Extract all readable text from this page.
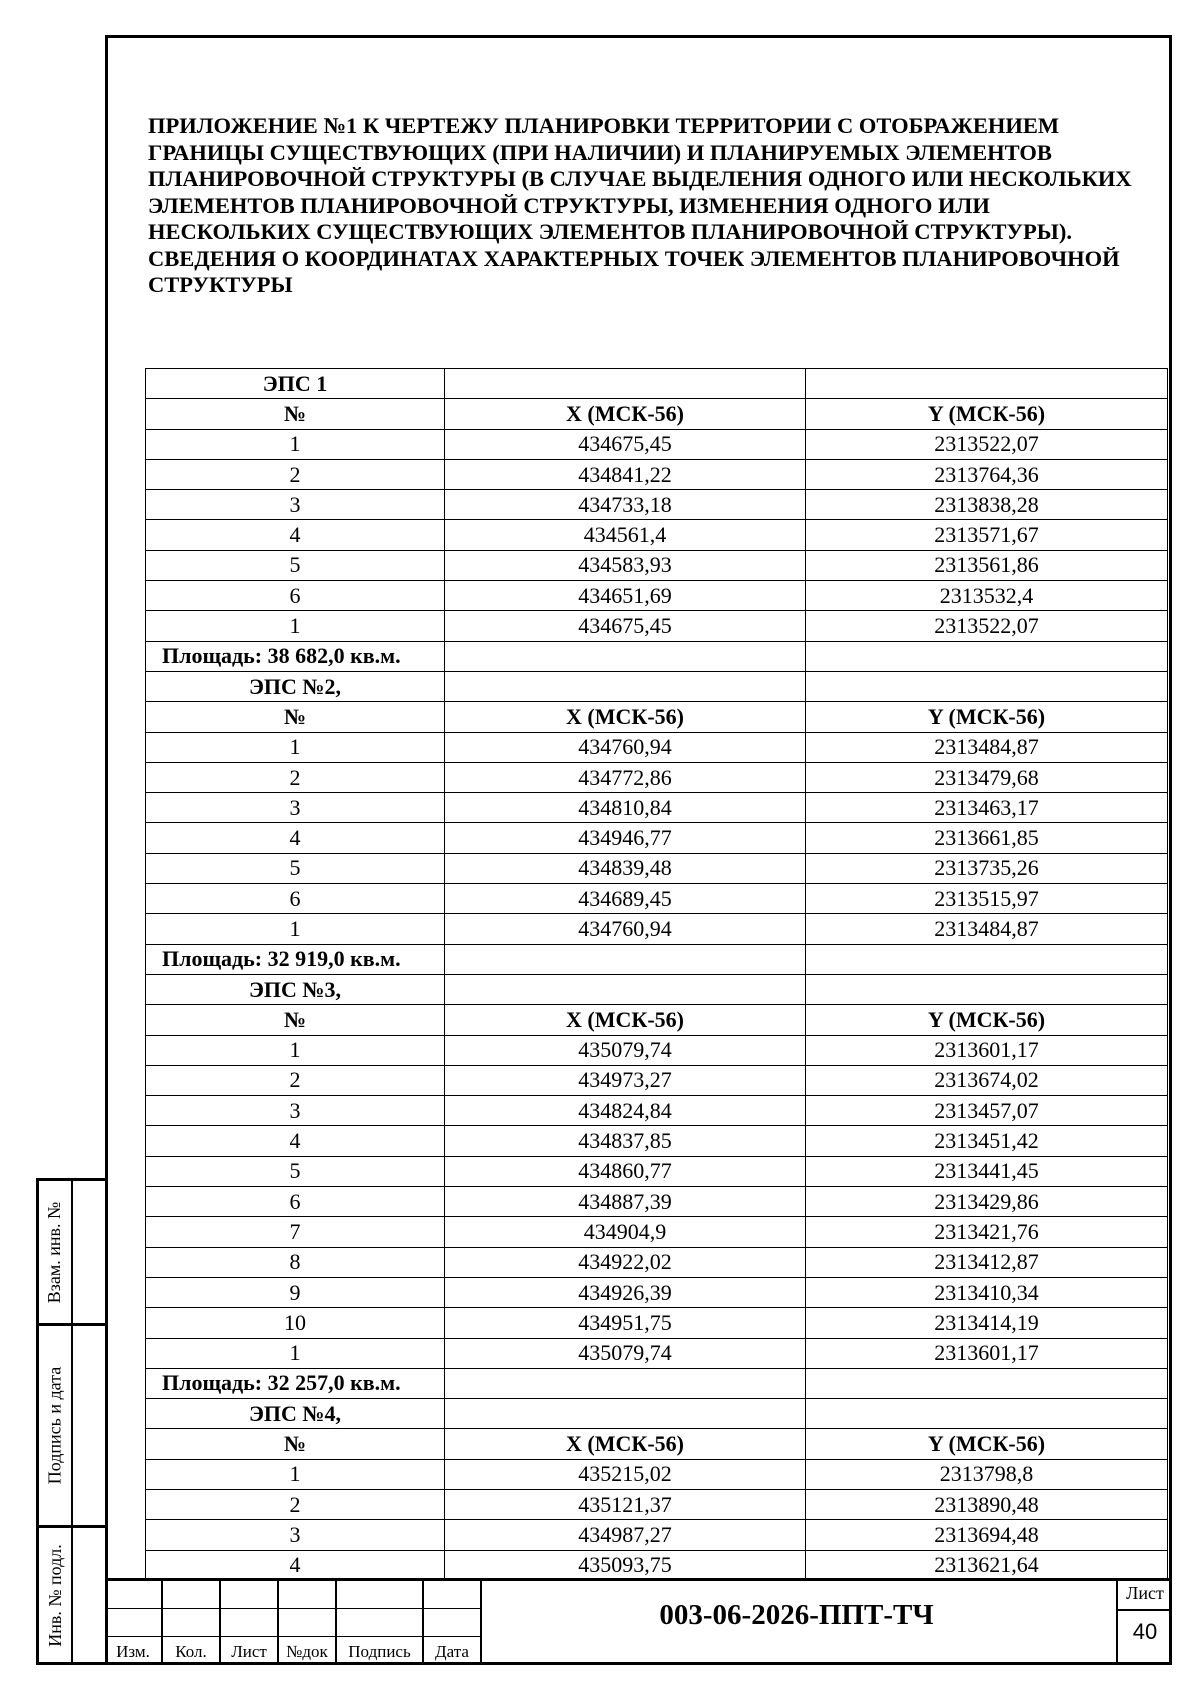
ПРИЛОЖЕНИЕ №1 К ЧЕРТЕЖУ ПЛАНИРОВКИ ТЕРРИТОРИИ С ОТОБРАЖЕНИЕМ ГРАНИЦЫ СУЩЕСТВУЮЩИХ (ПРИ НАЛИЧИИ) И ПЛАНИРУЕМЫХ ЭЛЕМЕНТОВ ПЛАНИРОВОЧНОЙ СТРУКТУРЫ (В СЛУЧАЕ ВЫДЕЛЕНИЯ ОДНОГО ИЛИ НЕСКОЛЬКИХ ЭЛЕМЕНТОВ ПЛАНИРОВОЧНОЙ СТРУКТУРЫ, ИЗМЕНЕНИЯ ОДНОГО ИЛИ НЕСКОЛЬКИХ СУЩЕСТВУЮЩИХ ЭЛЕМЕНТОВ ПЛАНИРОВОЧНОЙ СТРУКТУРЫ). СВЕДЕНИЯ О КООРДИНАТАХ ХАРАКТЕРНЫХ ТОЧЕК ЭЛЕМЕНТОВ ПЛАНИРОВОЧНОЙ СТРУКТУРЫ
ЭПС 1		
№	X (МСК-56)	Y (МСК-56)
1	434675,45	2313522,07
2	434841,22	2313764,36
3	434733,18	2313838,28
4	434561,4	2313571,67
5	434583,93	2313561,86
6	434651,69	2313532,4
1	434675,45	2313522,07
Площадь: 38 682,0 кв.м.		
ЭПС №2,		
№	X (МСК-56)	Y (МСК-56)
1	434760,94	2313484,87
2	434772,86	2313479,68
3	434810,84	2313463,17
4	434946,77	2313661,85
5	434839,48	2313735,26
6	434689,45	2313515,97
1	434760,94	2313484,87
Площадь: 32 919,0 кв.м.		
ЭПС №3,		
№	X (МСК-56)	Y (МСК-56)
1	435079,74	2313601,17
2	434973,27	2313674,02
3	434824,84	2313457,07
4	434837,85	2313451,42
5	434860,77	2313441,45
6	434887,39	2313429,86
7	434904,9	2313421,76
8	434922,02	2313412,87
9	434926,39	2313410,34
10	434951,75	2313414,19
1	435079,74	2313601,17
Площадь: 32 257,0 кв.м.		
ЭПС №4,		
№	X (МСК-56)	Y (МСК-56)
1	435215,02	2313798,8
2	435121,37	2313890,48
3	434987,27	2313694,48
4	435093,75	2313621,64
Взам. инв. №
Подпись и дата
Инв. № подл.
Изм.	Кол.	Лист	№док	Подпись	Дата
003-06-2026-ППТ-ТЧ
Лист
40
